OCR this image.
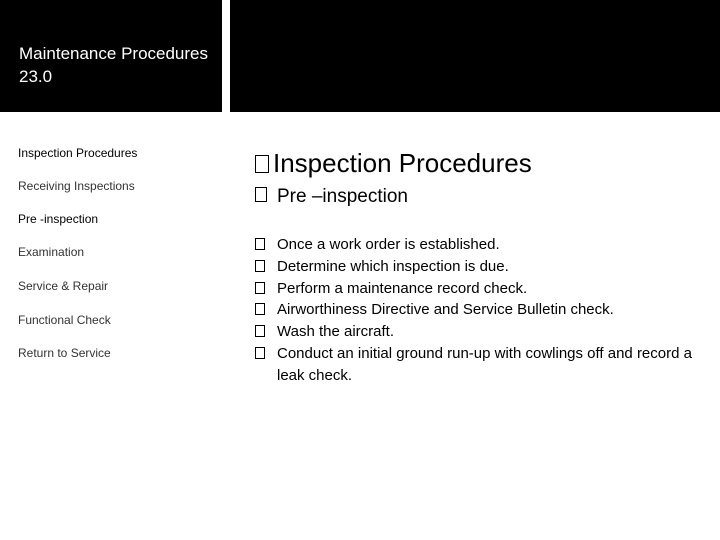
Maintenance Procedures 23.0
Inspection Procedures
Receiving Inspections
Pre -inspection
Examination
Service & Repair
Functional Check
Return to Service
Inspection Procedures
Pre –inspection
Once a work order is established.
Determine which inspection is due.
Perform a maintenance record check.
Airworthiness Directive and Service Bulletin check.
Wash the aircraft.
Conduct an initial ground run-up with cowlings off and record a leak check.
